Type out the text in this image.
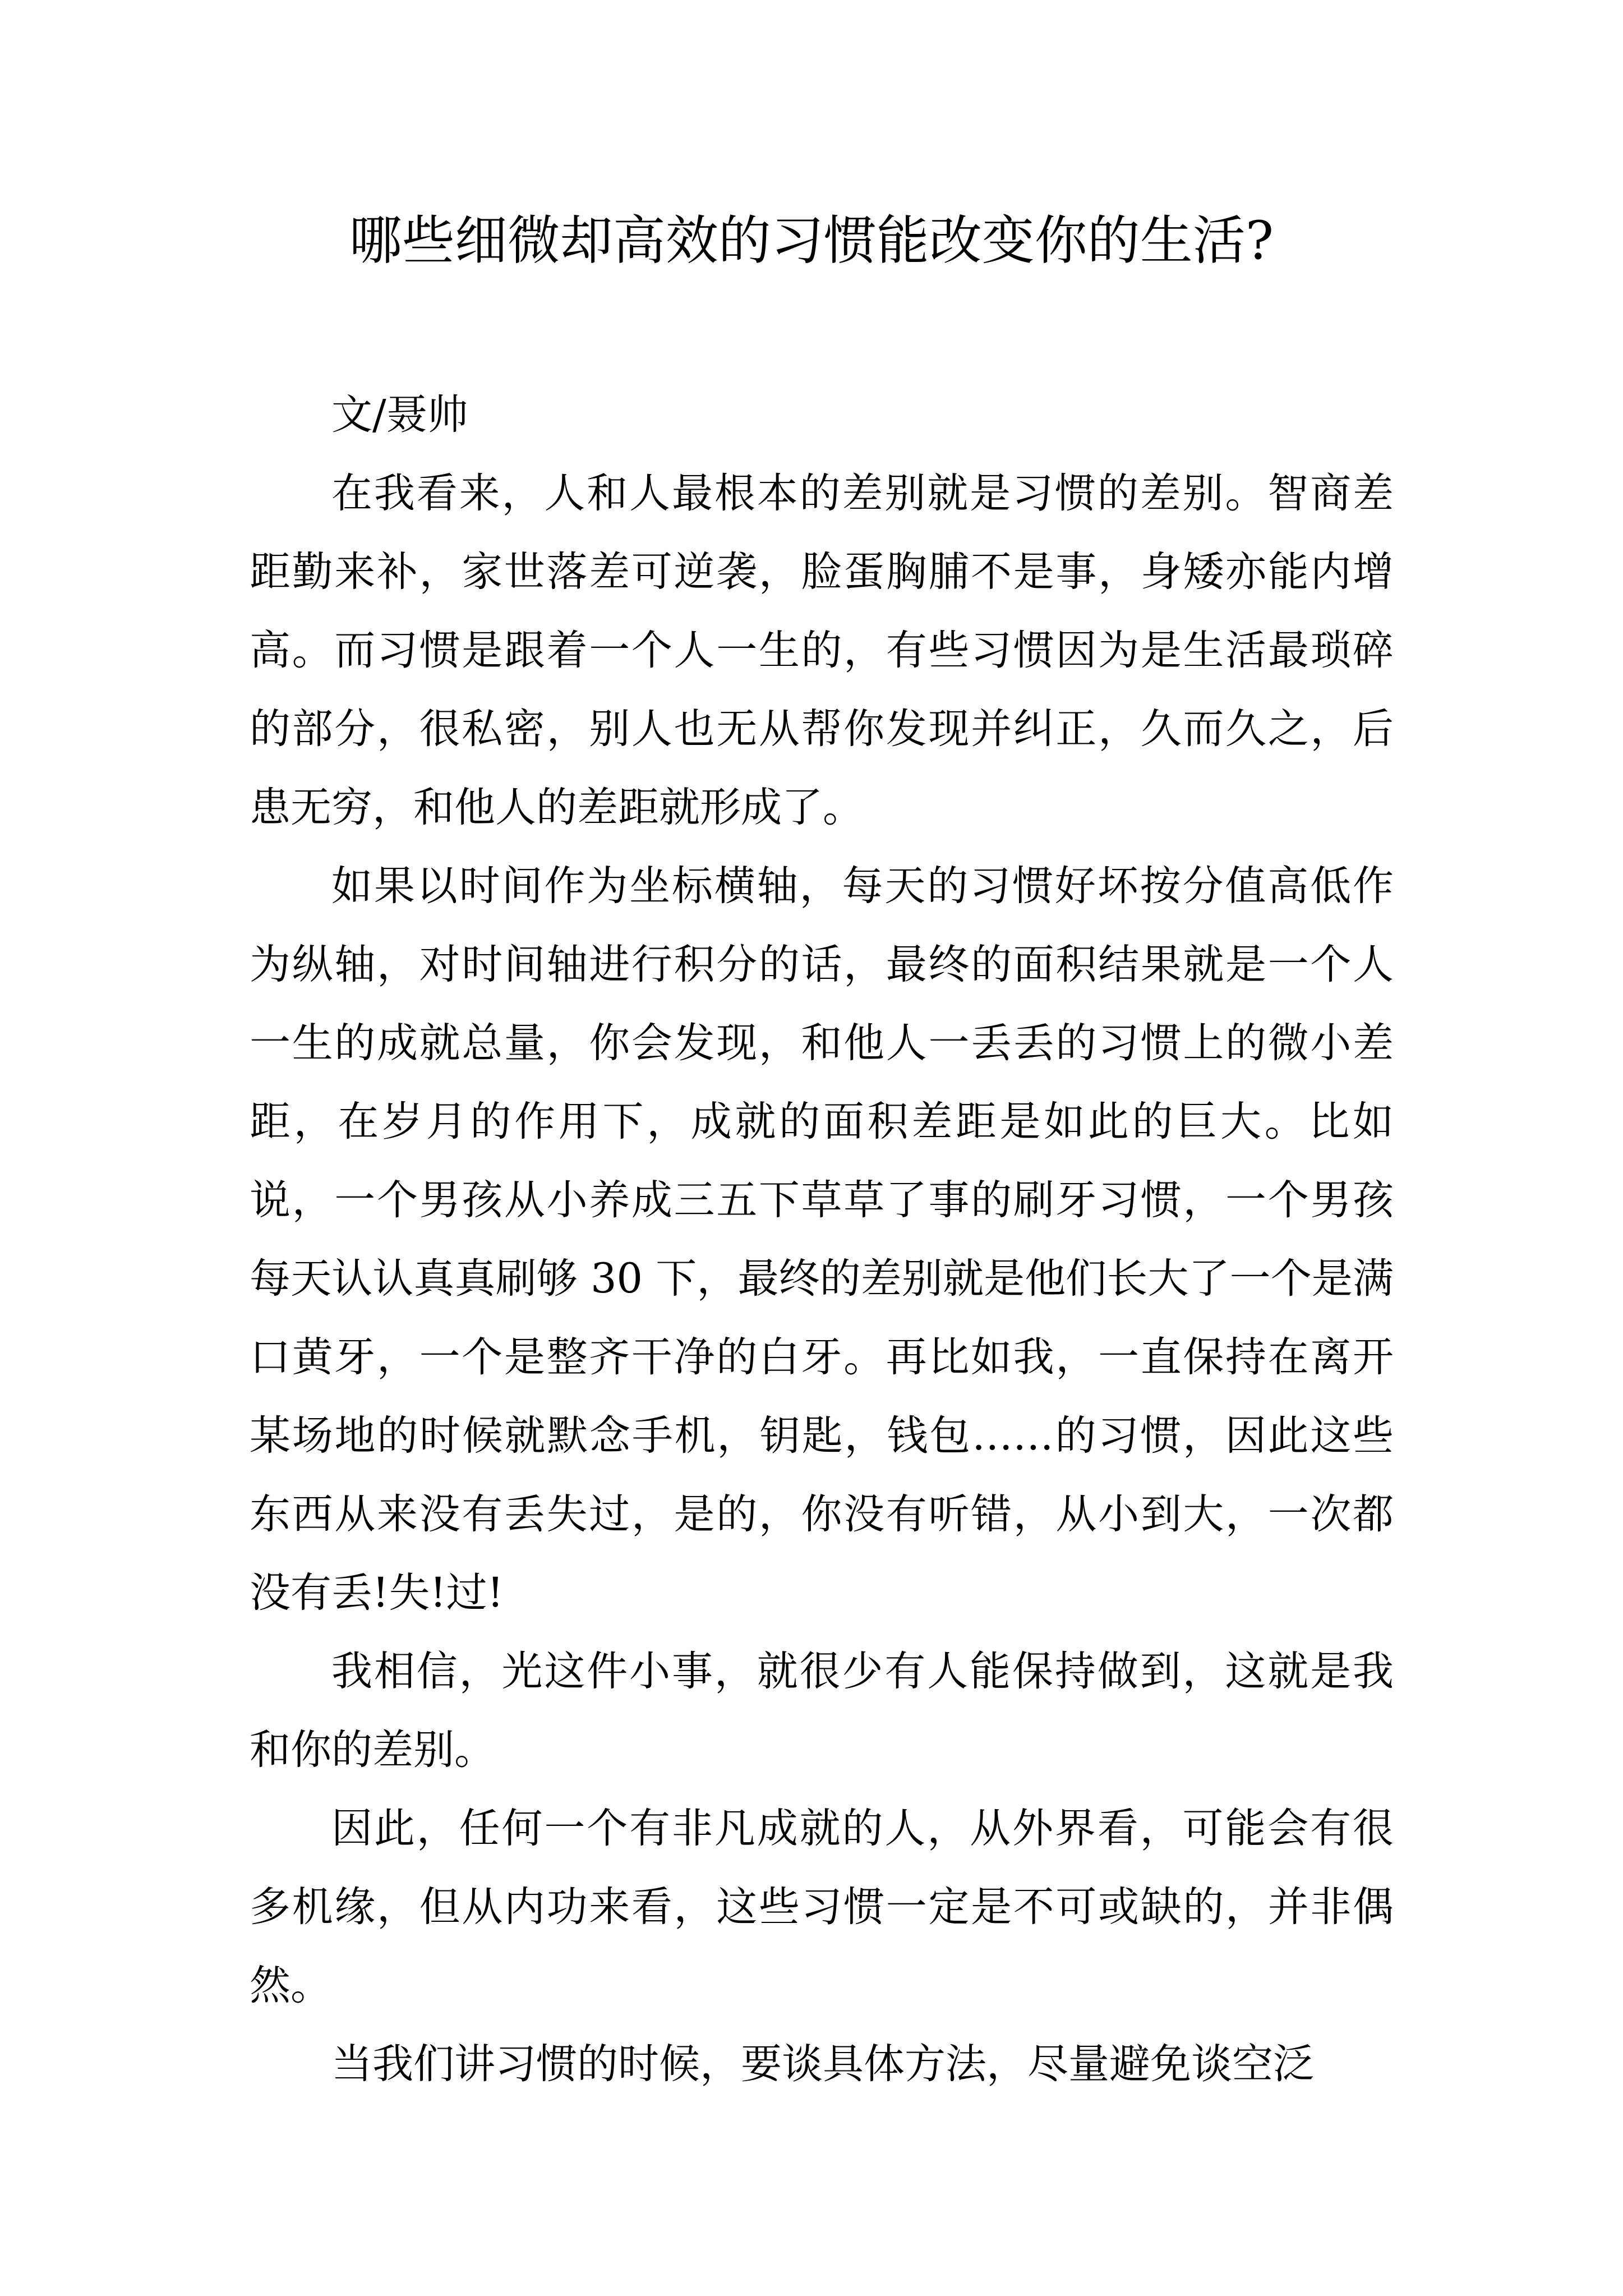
哪些细微却高效的习惯能改变你的生活?

文/聂帅

在我看来，人和人最根本的差别就是习惯的差别。智商差距勤来补，家世落差可逆袭，脸蛋胸脯不是事，身矮亦能内增高。而习惯是跟着一个人一生的，有些习惯因为是生活最琐碎的部分，很私密，别人也无从帮你发现并纠正，久而久之，后患无穷，和他人的差距就形成了。

如果以时间作为坐标横轴，每天的习惯好坏按分值高低作为纵轴，对时间轴进行积分的话，最终的面积结果就是一个人一生的成就总量，你会发现，和他人一丢丢的习惯上的微小差距，在岁月的作用下，成就的面积差距是如此的巨大。比如说，一个男孩从小养成三五下草草了事的刷牙习惯，一个男孩每天认认真真刷够 30 下，最终的差别就是他们长大了一个是满口黄牙，一个是整齐干净的白牙。再比如我，一直保持在离开某场地的时候就默念手机，钥匙，钱包……的习惯，因此这些东西从来没有丢失过，是的，你没有听错，从小到大，一次都没有丢!失!过!

我相信，光这件小事，就很少有人能保持做到，这就是我和你的差别。

因此，任何一个有非凡成就的人，从外界看，可能会有很多机缘，但从内功来看，这些习惯一定是不可或缺的，并非偶然。

当我们讲习惯的时候，要谈具体方法，尽量避免谈空泛
